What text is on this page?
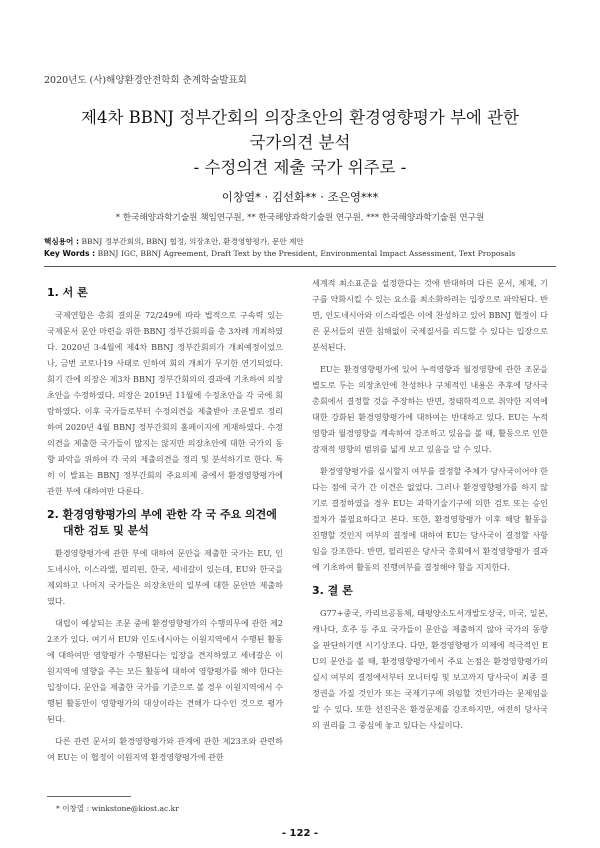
2020년도 (사)해양환경안전학회 춘계학술발표회
제4차 BBNJ 정부간회의 의장초안의 환경영향평가 부에 관한
국가의견 분석
- 수정의견 제출 국가 위주로 -
이창열* · 김선화** · 조은영***
* 한국해양과학기술원 책임연구원, ** 한국해양과학기술원 연구원, *** 한국해양과학기술원 연구원
핵심용어 : BBNJ 정부간회의, BBNJ 협정, 의장초안, 환경영향평가, 문안 제안
Key Words : BBNJ IGC, BBNJ Agreement, Draft Text by the President, Environmental Impact Assessment, Text Proposals
1. 서 론

국제연합은 총회 결의문 72/249에 따라 법적으로 구속력 있는 국제문서 문안 마련을 위한 BBNJ 정부간회의를 총 3차례 개최하였다. 2020년 3-4월에 제4차 BBNJ 정부간회의가 개최예정이었으나, 금번 코로나19 사태로 인하여 회의 개최가 무기한 연기되었다. 회기 간에 의장은 제3차 BBNJ 정부간회의의 결과에 기초하여 의장초안을 수정하였다. 의장은 2019년 11월에 수정초안을 각 국에 회람하였다. 이후 국가들로부터 수정의견을 제출받아 조문별로 정리하여 2020년 4월 BBNJ 정부간회의 홈페이지에 게재하였다. 수정의견을 제출한 국가들이 많지는 않지만 의장초안에 대한 국가의 동향 파악을 위하여 각 국의 제출의견을 정리 및 분석하기로 한다. 특히 이 발표는 BBNJ 정부간회의 주요의제 중에서 환경영향평가에 관한 부에 대하여만 다룬다.

2. 환경영향평가의 부에 관한 각 국 주요 의견에
대한 검토 및 분석

환경영향평가에 관한 부에 대하여 문안을 제출한 국가는 EU, 인도네시아, 이스라엘, 필리핀, 한국, 세네갈이 있는데, EU와 한국을 제외하고 나머지 국가들은 의장초안의 일부에 대한 문안만 제출하였다.

대립이 예상되는 조문 중에 환경영향평가의 수행의무에 관한 제22조가 있다. 여기서 EU와 인도네시아는 이원지역에서 수행된 활동에 대하여만 영향평가 수행된다는 입장을 견지하였고 세네갈은 이원지역에 영향을 주는 모든 활동에 대하여 영향평가를 해야 한다는 입장이다. 문안을 제출한 국가를 기준으로 볼 경우 이원지역에서 수행된 활동만이 영향평가의 대상이라는 견해가 다수인 것으로 평가된다.

다른 관련 문서의 환경영향평가와 관계에 관한 제23조와 관련하여 EU는 이 협정이 이원지역 환경영향평가에 관한

세계적 최소표준을 설정한다는 것에 반대하며 다른 문서, 체제, 기구를 약화시킬 수 있는 요소를 최소화하려는 입장으로 파악된다. 반면, 인도네시아와 이스라엘은 이에 찬성하고 있어 BBNJ 협정이 다른 문서들의 권한 침해없이 국제질서를 리드할 수 있다는 입장으로 분석된다.

EU는 환경영향평가에 있어 누적영향과 월경영향에 관한 조문을 별도로 두는 의장초안에 찬성하나 구체적인 내용은 추후에 당사국 총회에서 결정할 것을 주장하는 반면, 정태학적으로 취약한 지역에 대한 강화된 환경영향평가에 대하여는 반대하고 있다. EU는 누적영향과 월경영향을 계속하여 강조하고 있음을 볼 때, 활동으로 인한 잠재적 영향의 범위를 넓게 보고 있음을 알 수 있다.

환경영향평가를 실시할지 여부를 결정할 주체가 당사국이어야 한다는 점에 국가 간 이견은 없었다. 그러나 환경영향평가를 하지 않기로 결정하였을 경우 EU는 과학기술기구에 의한 검토 또는 승인 절차가 불필요하다고 본다. 또한, 환경영향평가 이후 해당 활동을 진행할 것인지 여부의 결정에 대하여 EU는 당사국이 결정할 사항임을 강조한다. 반면, 필리핀은 당사국 총회에서 환경영향평가 결과에 기초하여 활동의 진행여부를 결정해야 함을 지지한다.

3. 결 론

G77+중국, 카리브공동체, 태평양소도서개발도상국, 미국, 일본, 캐나다, 호주 등 주요 국가들이 문안을 제출하지 않아 국가의 동향을 판단하기엔 시기상조다. 다만, 환경영향평가 의제에 적극적인 EU의 문안을 볼 때, 환경영향평가에서 주요 논점은 환경영향평가의 실시 여부의 결정에서부터 모니터링 및 보고까지 당사국이 최종 결정권을 가질 것인가 또는 국제기구에 위임할 것인가라는 문제임을 알 수 있다. 또한 선진국은 환경문제를 강조하지만, 여전히 당사국의 권리를 그 중심에 놓고 있다는 사실이다.

* 이창열 : winkstone@kiost.ac.kr
- 122 -
